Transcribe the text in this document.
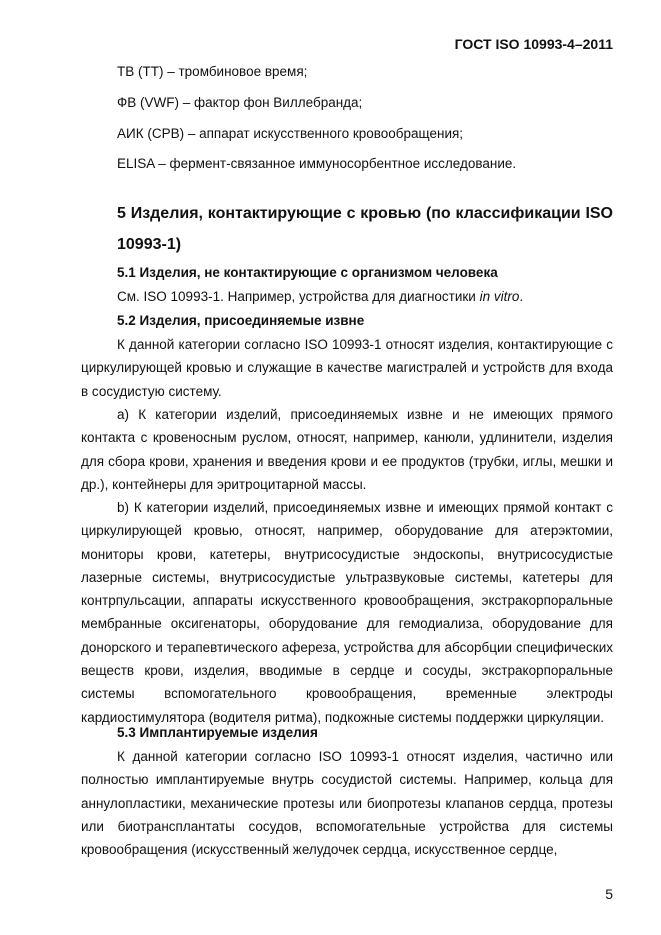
ГОСТ ISO 10993-4–2011
ТВ (TT) – тромбиновое время;
ФВ (VWF) – фактор фон Виллебранда;
АИК (СРВ) – аппарат искусственного кровообращения;
ELISA – фермент-связанное иммуносорбентное исследование.
5 Изделия, контактирующие с кровью (по классификации ISO
10993-1)
5.1 Изделия, не контактирующие с организмом человека
См. ISO 10993-1. Например, устройства для диагностики in vitro.
5.2 Изделия, присоединяемые извне

К данной категории согласно ISO 10993-1 относят изделия, контактирующие с циркулирующей кровью и служащие в качестве магистралей и устройств для входа в сосудистую систему.

а) К категории изделий, присоединяемых извне и не имеющих прямого контакта с кровеносным руслом, относят, например, канюли, удлинители, изделия для сбора крови, хранения и введения крови и ее продуктов (трубки, иглы, мешки и др.), контейнеры для эритроцитарной массы.

b) К категории изделий, присоединяемых извне и имеющих прямой контакт с циркулирующей кровью, относят, например, оборудование для атерэктомии, мониторы крови, катетеры, внутрисосудистые эндоскопы, внутрисосудистые лазерные системы, внутрисосудистые ультразвуковые системы, катетеры для контрпульсации, аппараты искусственного кровообращения, экстракорпоральные мембранные оксигенаторы, оборудование для гемодиализа, оборудование для донорского и терапевтического афереза, устройства для абсорбции специфических веществ крови, изделия, вводимые в сердце и сосуды, экстракорпоральные системы вспомогательного кровообращения, временные электроды кардиостимулятора (водителя ритма), подкожные системы поддержки циркуляции.

5.3 Имплантируемые изделия

К данной категории согласно ISO 10993-1 относят изделия, частично или полностью имплантируемые внутрь сосудистой системы. Например, кольца для аннулопластики, механические протезы или биопротезы клапанов сердца, протезы или биотрансплантаты сосудов, вспомогательные устройства для системы кровообращения (искусственный желудочек сердца, искусственное сердце,

5
